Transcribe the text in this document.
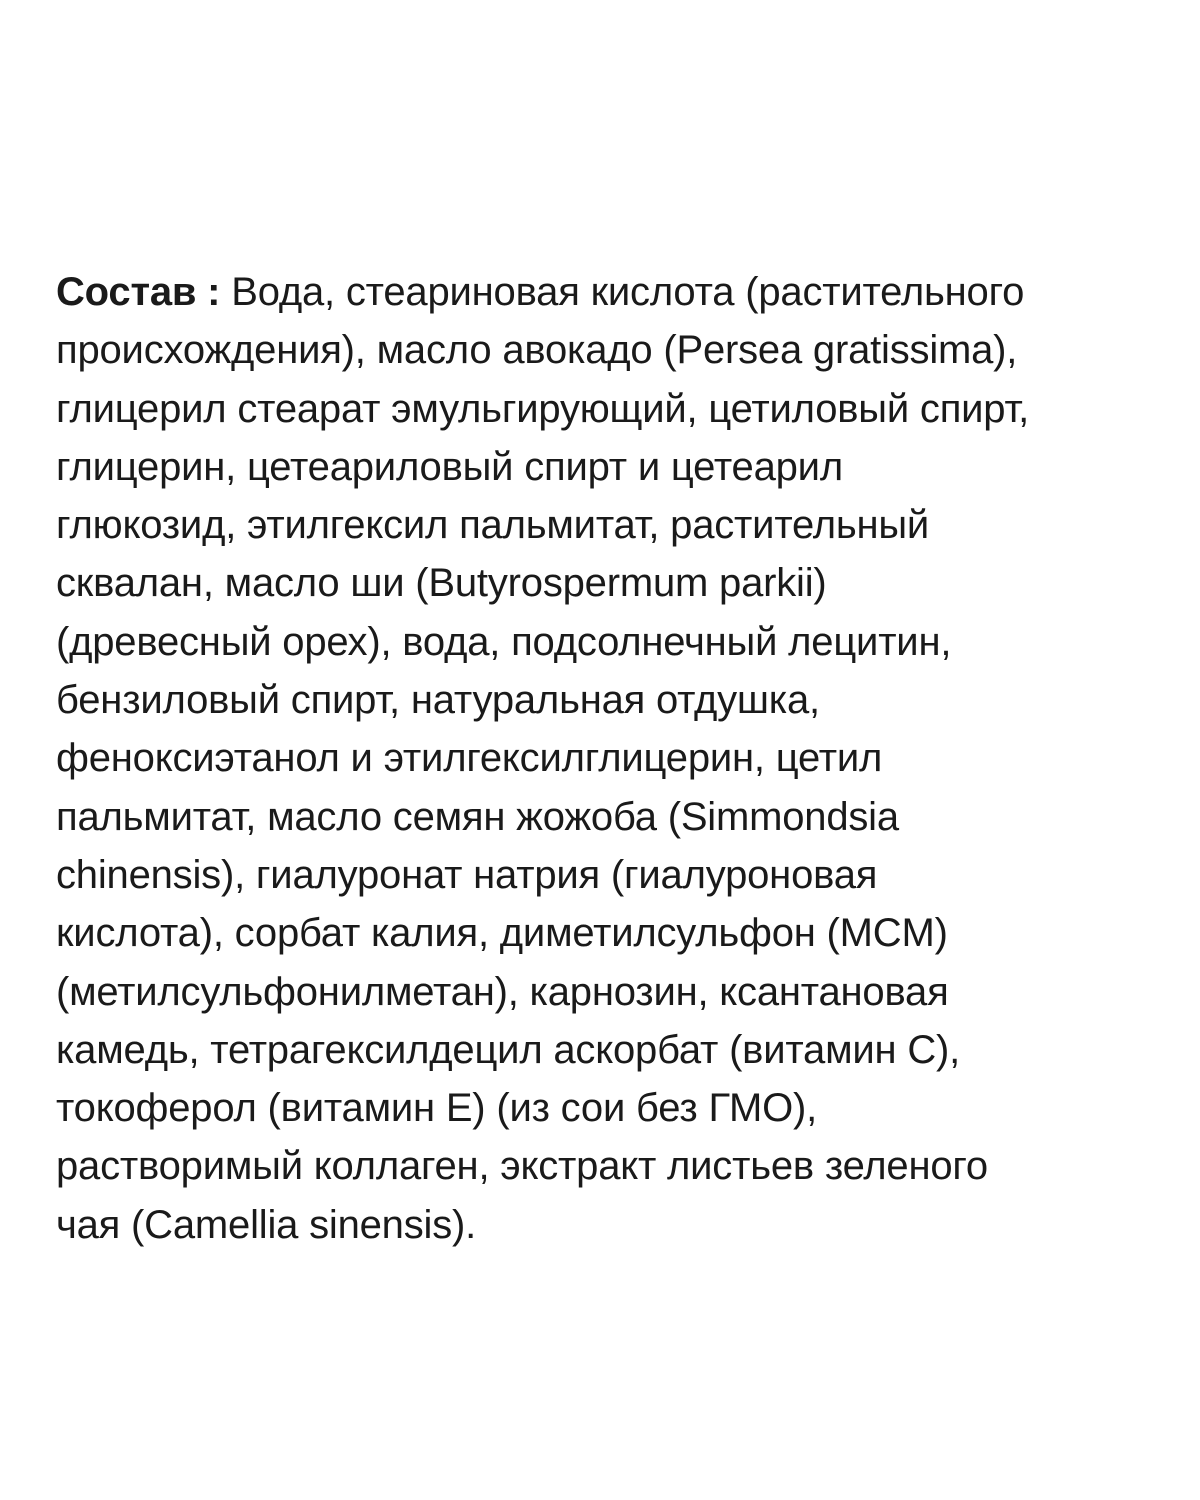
Состав : Вода, стеариновая кислота (растительного
происхождения), масло авокадо (Persea gratissima),
глицерил стеарат эмульгирующий, цетиловый спирт,
глицерин, цетеариловый спирт и цетеарил
глюкозид, этилгексил пальмитат, растительный
сквалан, масло ши (Butyrospermum parkii)
(древесный орех), вода, подсолнечный лецитин,
бензиловый спирт, натуральная отдушка,
феноксиэтанол и этилгексилглицерин, цетил
пальмитат, масло семян жожоба (Simmondsia
chinensis), гиалуронат натрия (гиалуроновая
кислота), сорбат калия, диметилсульфон (MCM)
(метилсульфонилметан), карнозин, ксантановая
камедь, тетрагексилдецил аскорбат (витамин C),
токоферол (витамин E) (из сои без ГМО),
растворимый коллаген, экстракт листьев зеленого
чая (Camellia sinensis).
